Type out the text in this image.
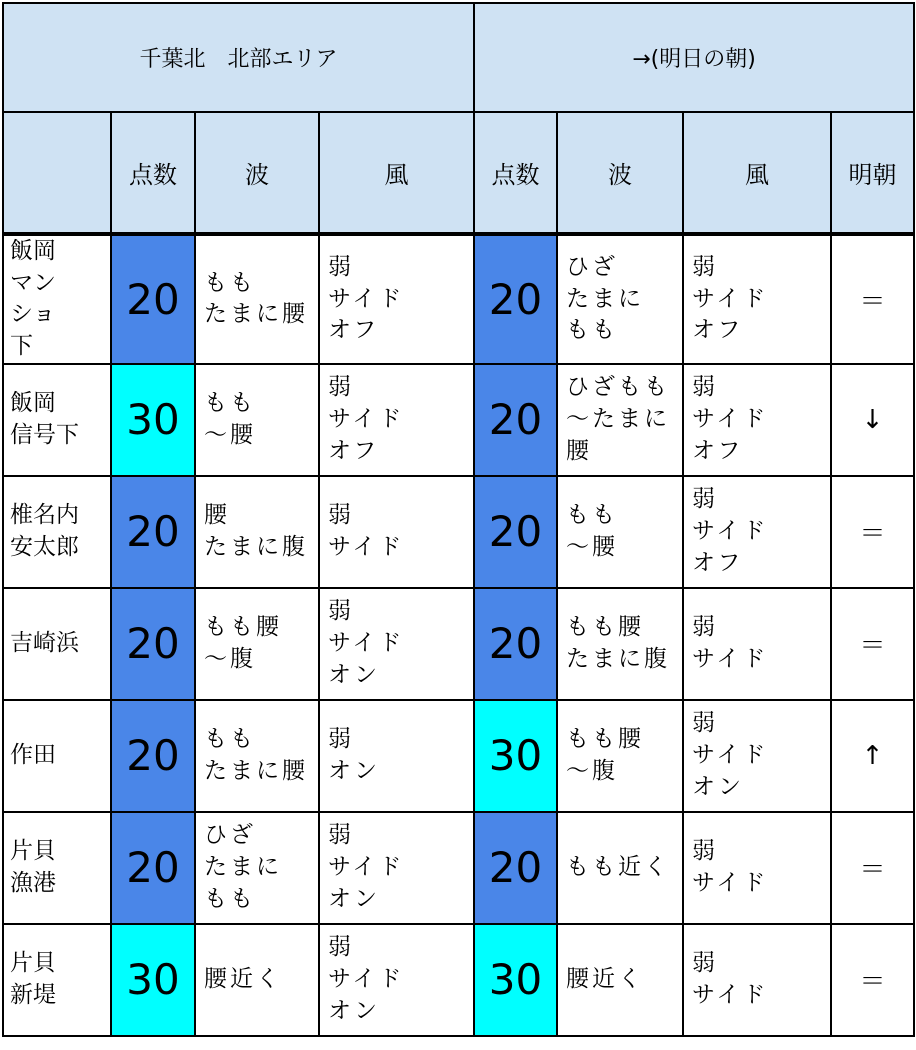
千葉北　北部エリア				→(明日の朝)			
	点数	波	風	点数	波	風	明朝
飯岡
マン
ショ
下	20	もも
たまに腰	弱
サイド
オフ	20	ひざ
たまに
もも	弱
サイド
オフ	＝
飯岡
信号下	30	もも
〜腰	弱
サイド
オフ	20	ひざもも
〜たまに
腰	弱
サイド
オフ	↓
椎名内
安太郎	20	腰
たまに腹	弱
サイド	20	もも
〜腰	弱
サイド
オフ	＝
吉崎浜	20	もも腰
〜腹	弱
サイド
オン	20	もも腰
たまに腹	弱
サイド	＝
作田	20	もも
たまに腰	弱
オン	30	もも腰
〜腹	弱
サイド
オン	↑
片貝
漁港	20	ひざ
たまに
もも	弱
サイド
オン	20	もも近く	弱
サイド	＝
片貝
新堤	30	腰近く	弱
サイド
オン	30	腰近く	弱
サイド	＝
